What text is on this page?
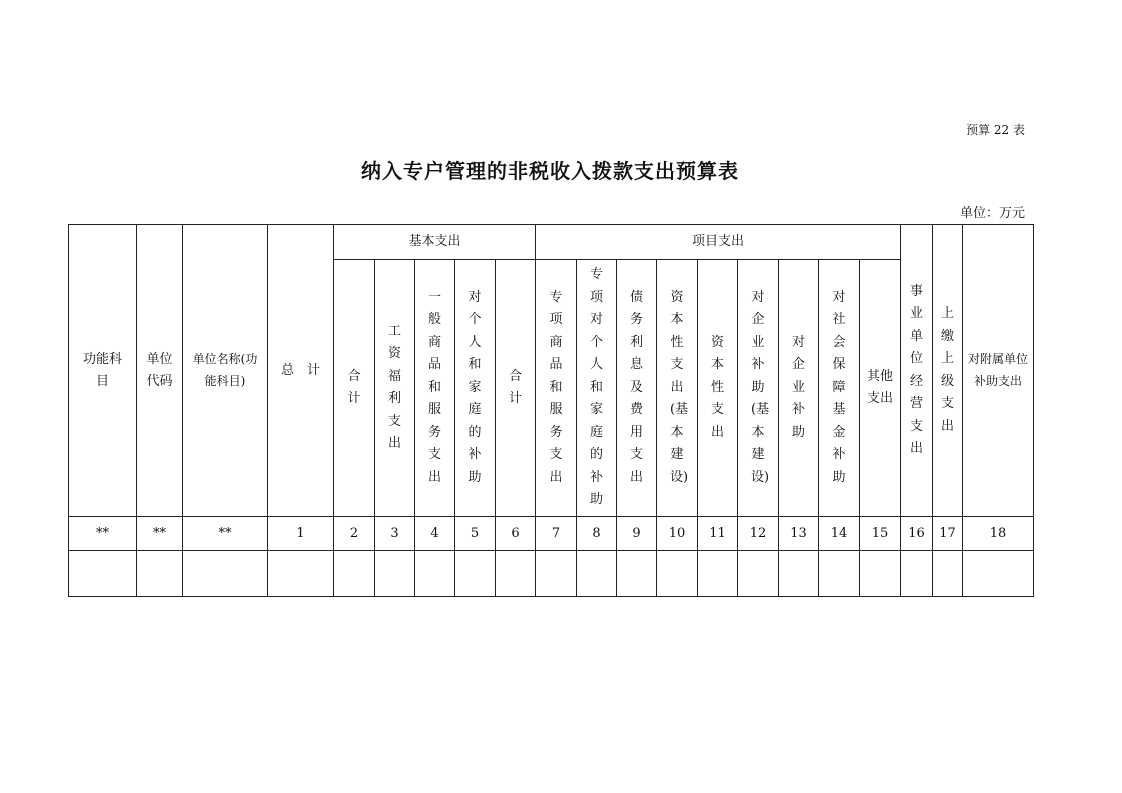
预算 22 表
纳入专户管理的非税收入拨款支出预算表
单位：万元
功能科目	单位代码	单位名称(功能科目)	总　计	基本支出					项目支出									事业单位经营支出	上缴上级支出	对附属单位补助支出
				合计	工资福利支出	一般商品和服务支出	对个人和家庭的补助	合计	专项商品和服务支出	专项对个人和家庭的补助	债务利息及费用支出	资本性支出(基本建设)	资本性支出	对企业补助(基本建设)	对企业补助	对社会保障基金补助	其他支出			
**	**	**	1	2	3	4	5	6	7	8	9	10	11	12	13	14	15	16	17	18
